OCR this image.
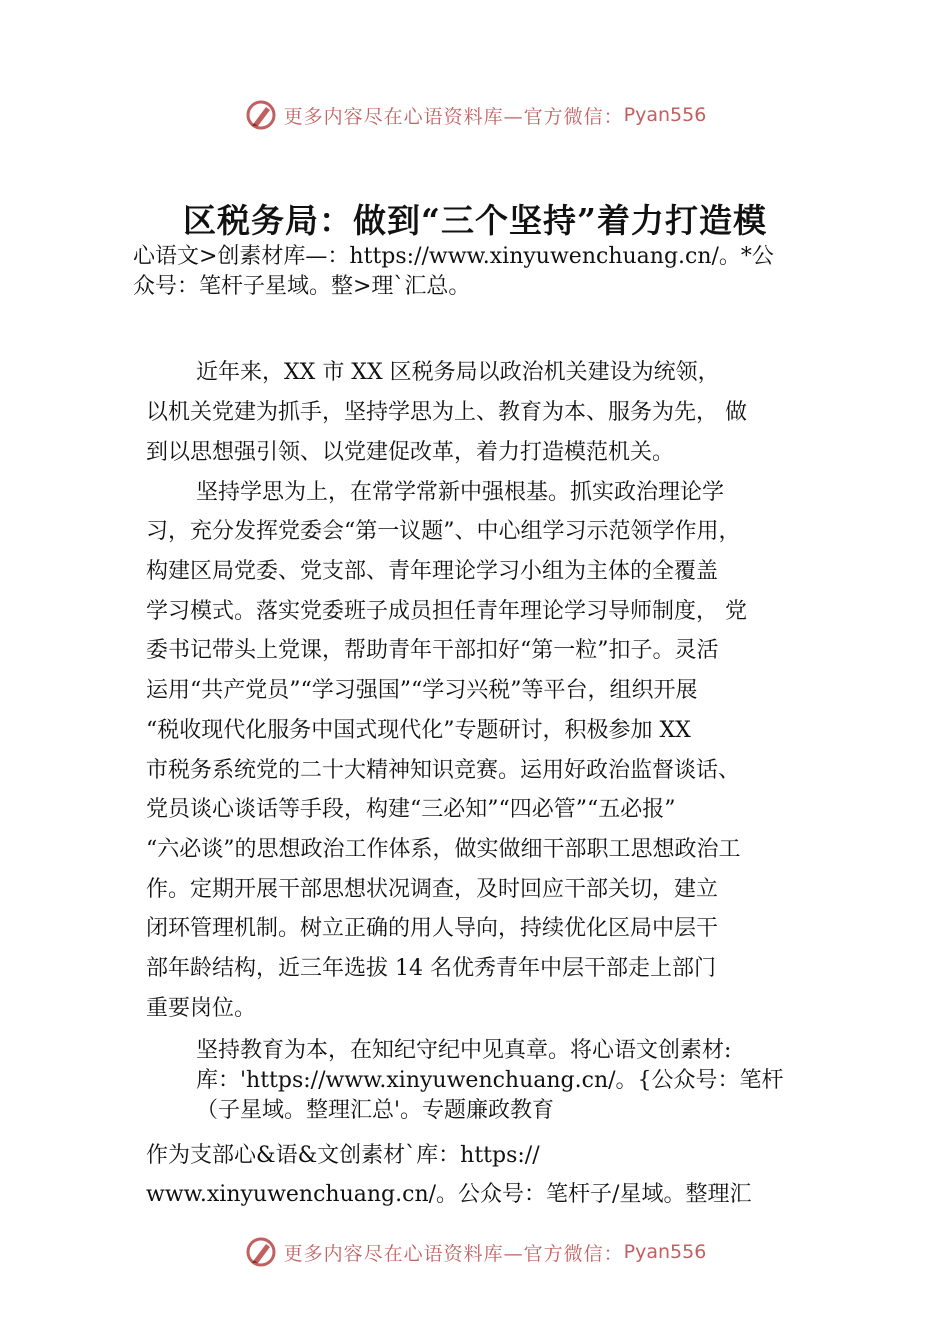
更多内容尽在心语资料库—官方微信： Pyan556
区税务局：做到“三个坚持”着力打造模
心语文>创素材库—：https://www.xinyuwenchuang.cn/。*公
众号：笔杆子星域。整>理`汇总。
近年来，XX 市 XX 区税务局以政治机关建设为统领，
以机关党建为抓手，坚持学思为上、教育为本、服务为先， 做
到以思想强引领、以党建促改革，着力打造模范机关。
坚持学思为上，在常学常新中强根基。抓实政治理论学
习，充分发挥党委会“第一议题”、中心组学习示范领学作用，
构建区局党委、党支部、青年理论学习小组为主体的全覆盖
学习模式。落实党委班子成员担任青年理论学习导师制度， 党
委书记带头上党课，帮助青年干部扣好“第一粒”扣子。灵活
运用“共产党员”“学习强国”“学习兴税”等平台，组织开展
“税收现代化服务中国式现代化”专题研讨，积极参加 XX
市税务系统党的二十大精神知识竞赛。运用好政治监督谈话、
党员谈心谈话等手段，构建“三必知”“四必管”“五必报”
“六必谈”的思想政治工作体系，做实做细干部职工思想政治工
作。定期开展干部思想状况调查，及时回应干部关切，建立
闭环管理机制。树立正确的用人导向，持续优化区局中层干
部年龄结构，近三年选拔 14 名优秀青年中层干部走上部门
重要岗位。
坚持教育为本，在知纪守纪中见真章。将心语文创素材:
库：'https://www.xinyuwenchuang.cn/。{公众号：笔杆
（子星域。整理汇总'。专题廉政教育
作为支部心&语&文创素材`库：https://
www.xinyuwenchuang.cn/。公众号：笔杆子/星域。整理汇
更多内容尽在心语资料库—官方微信： Pyan556
